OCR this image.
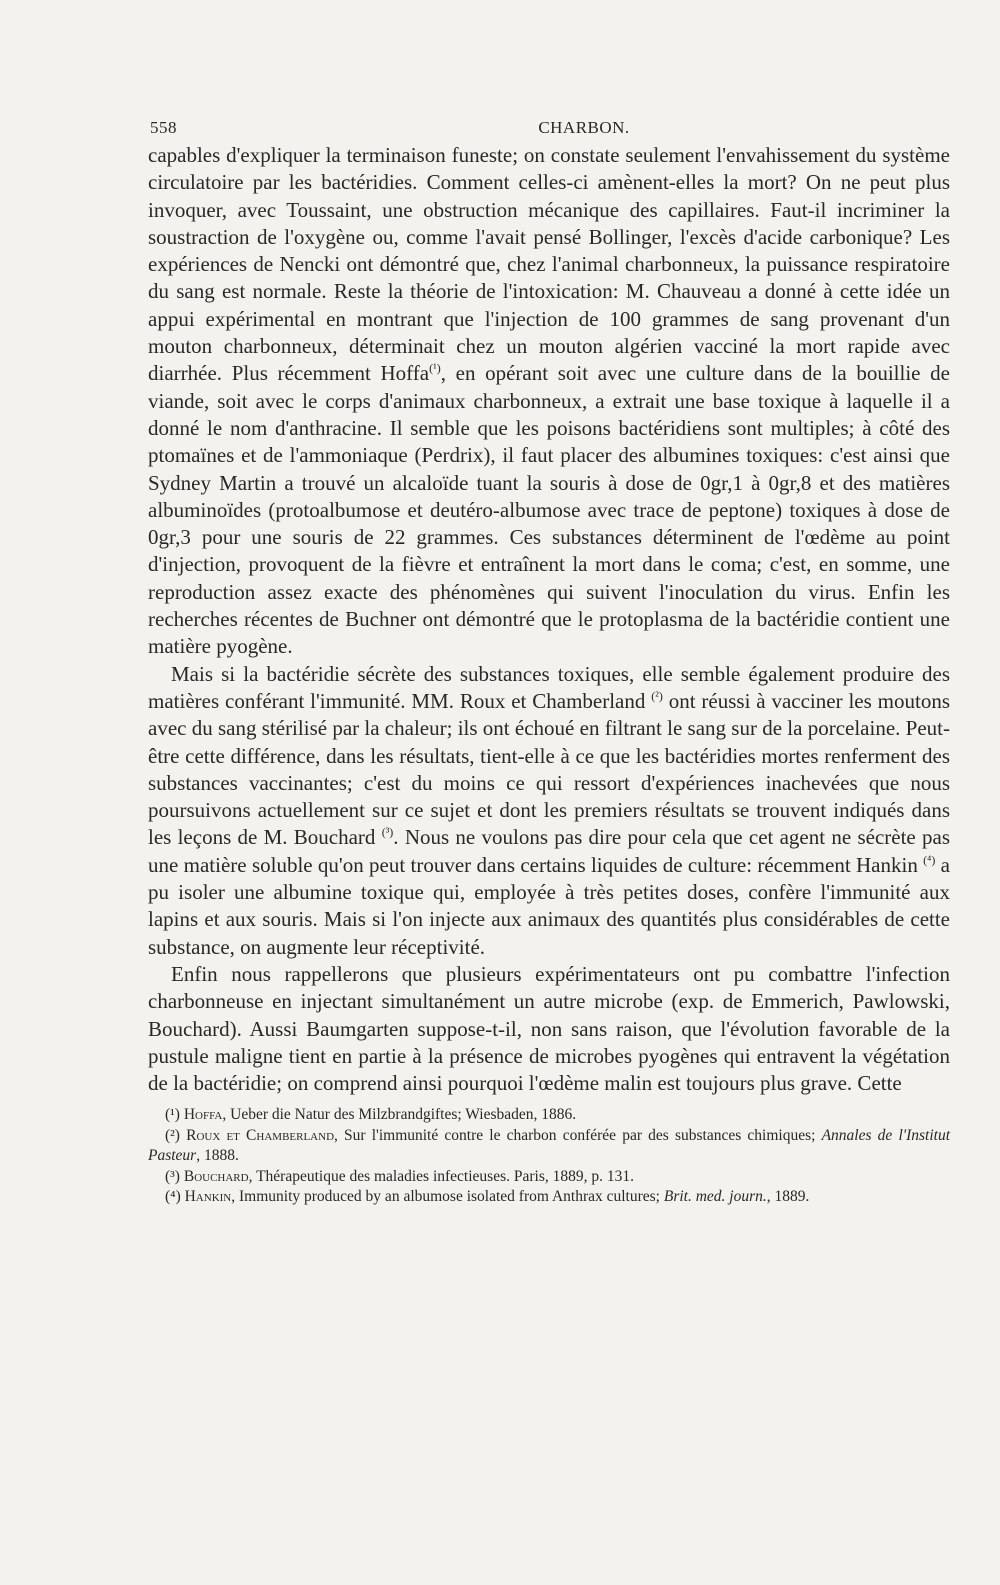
558	CHARBON.

capables d'expliquer la terminaison funeste; on constate seulement l'envahissement du système circulatoire par les bactéridies. Comment celles-ci amènent-elles la mort? On ne peut plus invoquer, avec Toussaint, une obstruction mécanique des capillaires. Faut-il incriminer la soustraction de l'oxygène ou, comme l'avait pensé Bollinger, l'excès d'acide carbonique? Les expériences de Nencki ont démontré que, chez l'animal charbonneux, la puissance respiratoire du sang est normale. Reste la théorie de l'intoxication: M. Chauveau a donné à cette idée un appui expérimental en montrant que l'injection de 100 grammes de sang provenant d'un mouton charbonneux, déterminait chez un mouton algérien vacciné la mort rapide avec diarrhée. Plus récemment Hoffa$^{(^1)}$, en opérant soit avec une culture dans de la bouillie de viande, soit avec le corps d'animaux charbonneux, a extrait une base toxique à laquelle il a donné le nom d'anthracine. Il semble que les poisons bactéridiens sont multiples; à côté des ptomaïnes et de l'ammoniaque (Perdrix), il faut placer des albumines toxiques: c'est ainsi que Sydney Martin a trouvé un alcaloïde tuant la souris à dose de 0gr,1 à 0gr,8 et des matières albuminoïdes (protoalbumose et deutéro-albumose avec trace de peptone) toxiques à dose de 0gr,3 pour une souris de 22 grammes. Ces substances déterminent de l'œdème au point d'injection, provoquent de la fièvre et entraînent la mort dans le coma; c'est, en somme, une reproduction assez exacte des phénomènes qui suivent l'inoculation du virus. Enfin les recherches récentes de Buchner ont démontré que le protoplasma de la bactéridie contient une matière pyogène.

Mais si la bactéridie sécrète des substances toxiques, elle semble également produire des matières conférant l'immunité. MM. Roux et Chamberland $^{(^2)}$ ont réussi à vacciner les moutons avec du sang stérilisé par la chaleur; ils ont échoué en filtrant le sang sur de la porcelaine. Peut-être cette différence, dans les résultats, tient-elle à ce que les bactéridies mortes renferment des substances vaccinantes; c'est du moins ce qui ressort d'expériences inachevées que nous poursuivons actuellement sur ce sujet et dont les premiers résultats se trouvent indiqués dans les leçons de M. Bouchard $^{(^3)}$. Nous ne voulons pas dire pour cela que cet agent ne sécrète pas une matière soluble qu'on peut trouver dans certains liquides de culture: récemment Hankin $^{(^4)}$ a pu isoler une albumine toxique qui, employée à très petites doses, confère l'immunité aux lapins et aux souris. Mais si l'on injecte aux animaux des quantités plus considérables de cette substance, on augmente leur réceptivité.

Enfin nous rappellerons que plusieurs expérimentateurs ont pu combattre l'infection charbonneuse en injectant simultanément un autre microbe (exp. de Emmerich, Pawlowski, Bouchard). Aussi Baumgarten suppose-t-il, non sans raison, que l'évolution favorable de la pustule maligne tient en partie à la présence de microbes pyogènes qui entravent la végétation de la bactéridie; on comprend ainsi pourquoi l'œdème malin est toujours plus grave. Cette

(¹) Hoffa, Ueber die Natur des Milzbrandgiftes; Wiesbaden, 1886.

(²) Roux et Chamberland, Sur l'immunité contre le charbon conférée par des substances chimiques; Annales de l'Institut Pasteur, 1888.

(³) Bouchard, Thérapeutique des maladies infectieuses. Paris, 1889, p. 131.

(⁴) Hankin, Immunity produced by an albumose isolated from Anthrax cultures; Brit. med. journ., 1889.
